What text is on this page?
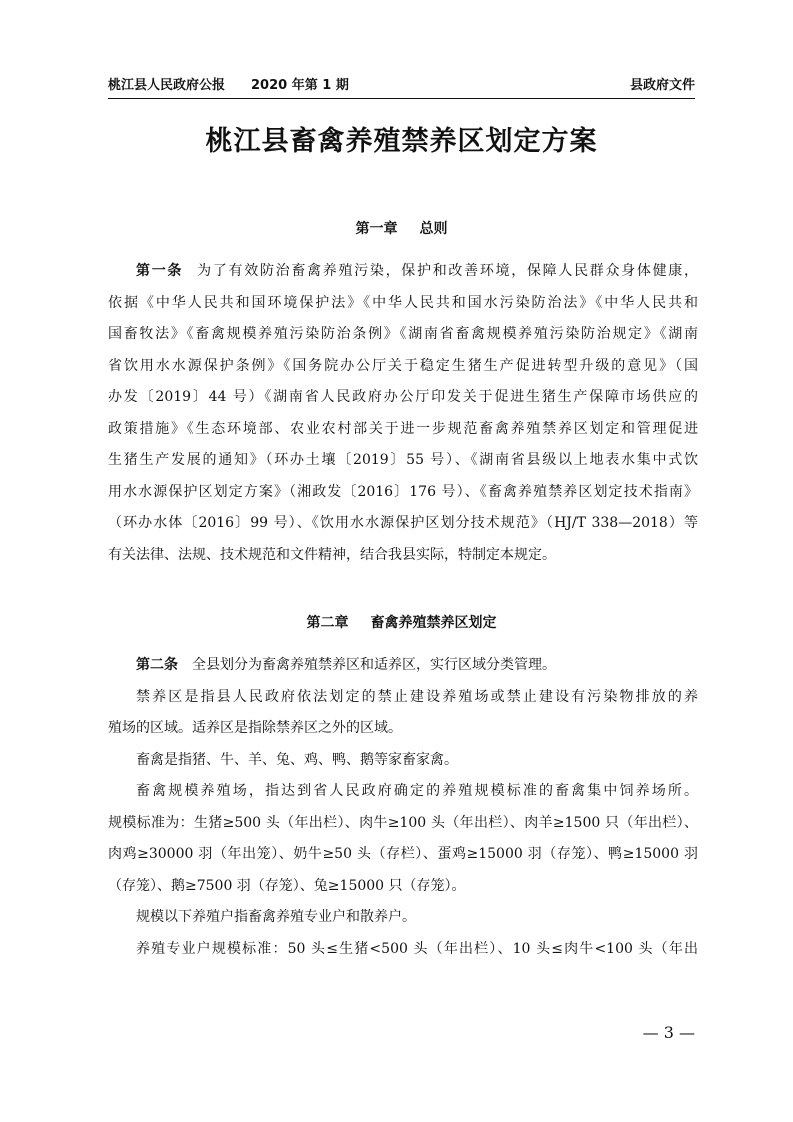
桃江县人民政府公报 2020 年第 1 期	县政府文件
桃江县畜禽养殖禁养区划定方案
第一章 总则
第一条 为了有效防治畜禽养殖污染，保护和改善环境，保障人民群众身体健康，
依据《中华人民共和国环境保护法》《中华人民共和国水污染防治法》《中华人民共和
国畜牧法》《畜禽规模养殖污染防治条例》《湖南省畜禽规模养殖污染防治规定》《湖南
省饮用水水源保护条例》《国务院办公厅关于稳定生猪生产促进转型升级的意见》（国
办发〔2019〕44 号）《湖南省人民政府办公厅印发关于促进生猪生产保障市场供应的
政策措施》《生态环境部、农业农村部关于进一步规范畜禽养殖禁养区划定和管理促进
生猪生产发展的通知》（环办土壤〔2019〕55 号）、《湖南省县级以上地表水集中式饮
用水水源保护区划定方案》（湘政发〔2016〕176 号）、《畜禽养殖禁养区划定技术指南》
（环办水体〔2016〕99 号）、《饮用水水源保护区划分技术规范》（HJ/T 338—2018）等
有关法律、法规、技术规范和文件精神，结合我县实际，特制定本规定。
第二章 畜禽养殖禁养区划定
第二条 全县划分为畜禽养殖禁养区和适养区，实行区域分类管理。
禁养区是指县人民政府依法划定的禁止建设养殖场或禁止建设有污染物排放的养
殖场的区域。适养区是指除禁养区之外的区域。
畜禽是指猪、牛、羊、兔、鸡、鸭、鹅等家畜家禽。
畜禽规模养殖场，指达到省人民政府确定的养殖规模标准的畜禽集中饲养场所。
规模标准为：生猪≥500 头（年出栏）、肉牛≥100 头（年出栏）、肉羊≥1500 只（年出栏）、
肉鸡≥30000 羽（年出笼）、奶牛≥50 头（存栏）、蛋鸡≥15000 羽（存笼）、鸭≥15000 羽
（存笼）、鹅≥7500 羽（存笼）、兔≥15000 只（存笼）。
规模以下养殖户指畜禽养殖专业户和散养户。
养殖专业户规模标准：50 头≤生猪<500 头（年出栏）、10 头≤肉牛<100 头（年出
— 3 —
